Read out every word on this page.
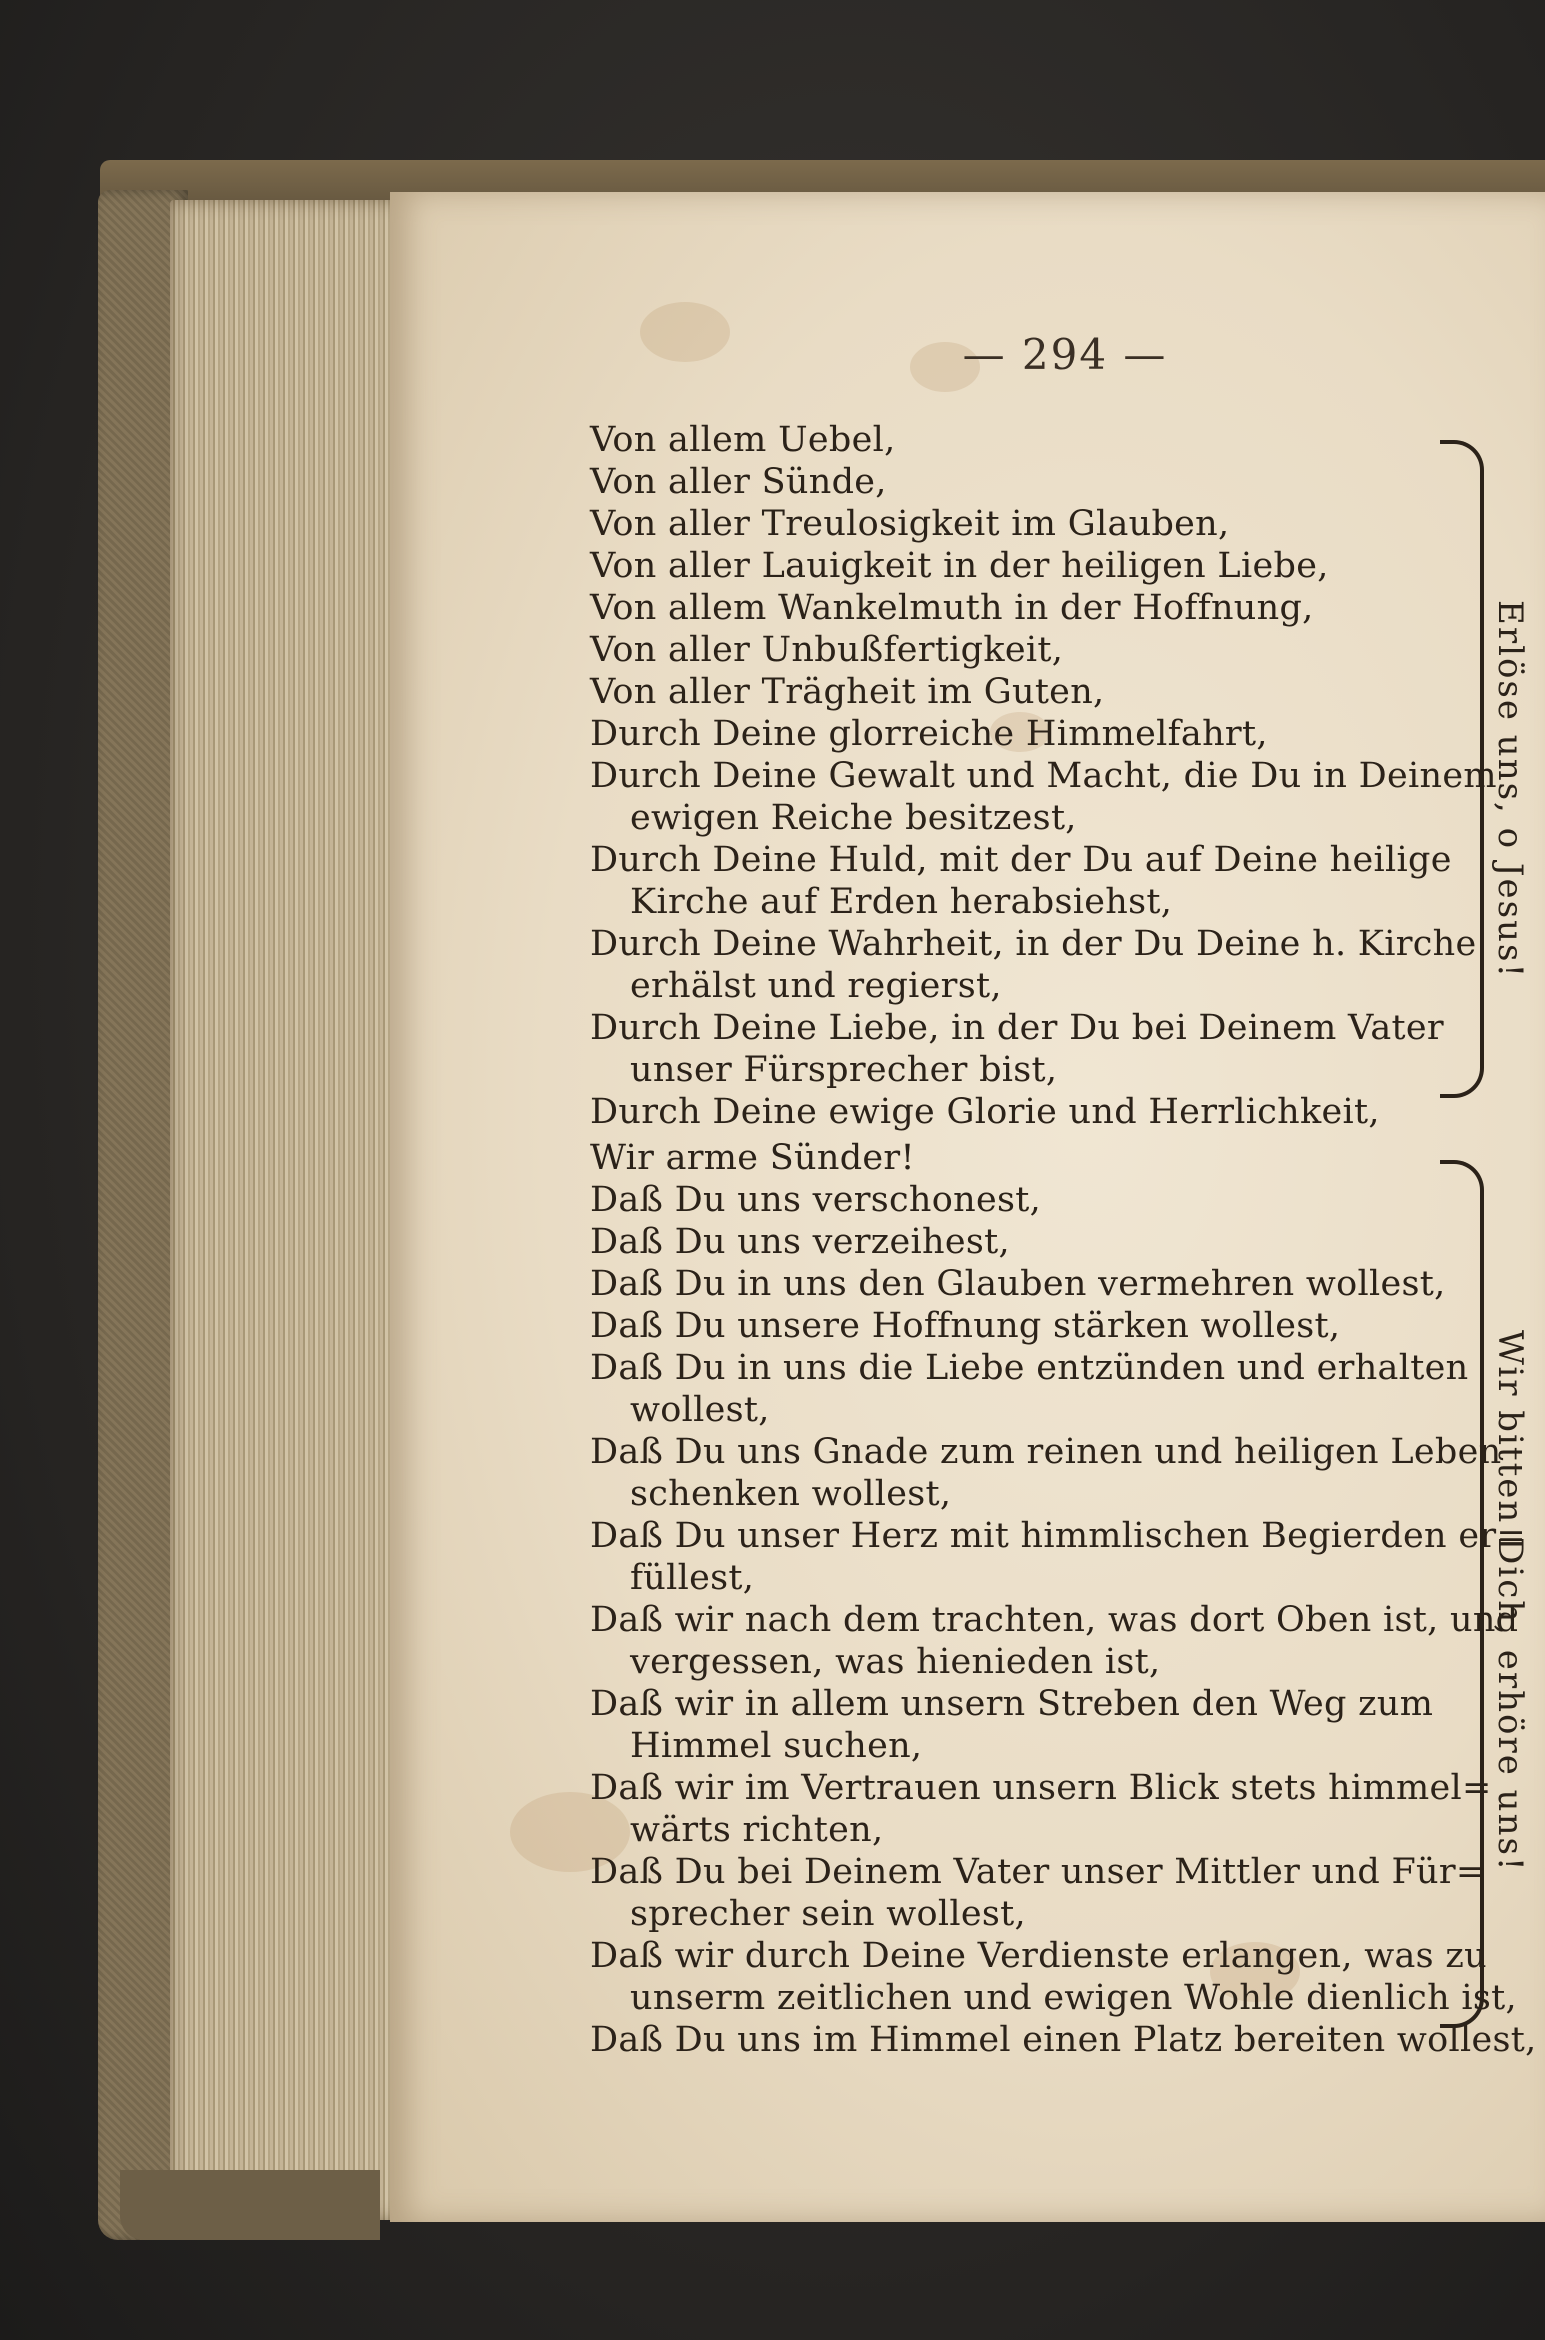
— 294 —
Von allem Uebel,
Von aller Sünde,
Von aller Treulosigkeit im Glauben,
Von aller Lauigkeit in der heiligen Liebe,
Von allem Wankelmuth in der Hoffnung,
Von aller Unbußfertigkeit,
Von aller Trägheit im Guten,
Durch Deine glorreiche Himmelfahrt,
Durch Deine Gewalt und Macht, die Du in Deinem
ewigen Reiche besitzest,
Durch Deine Huld, mit der Du auf Deine heilige
Kirche auf Erden herabsiehst,
Durch Deine Wahrheit, in der Du Deine h. Kirche
erhälst und regierst,
Durch Deine Liebe, in der Du bei Deinem Vater
unser Fürsprecher bist,
Durch Deine ewige Glorie und Herrlichkeit,
Erlöse uns, o Jesus!
Wir arme Sünder!
Daß Du uns verschonest,
Daß Du uns verzeihest,
Daß Du in uns den Glauben vermehren wollest,
Daß Du unsere Hoffnung stärken wollest,
Daß Du in uns die Liebe entzünden und erhalten
wollest,
Daß Du uns Gnade zum reinen und heiligen Leben
schenken wollest,
Daß Du unser Herz mit himmlischen Begierden er=
füllest,
Daß wir nach dem trachten, was dort Oben ist, und
vergessen, was hienieden ist,
Daß wir in allem unsern Streben den Weg zum
Himmel suchen,
Daß wir im Vertrauen unsern Blick stets himmel=
wärts richten,
Daß Du bei Deinem Vater unser Mittler und Für=
sprecher sein wollest,
Daß wir durch Deine Verdienste erlangen, was zu
unserm zeitlichen und ewigen Wohle dienlich ist,
Daß Du uns im Himmel einen Platz bereiten wollest,
Wir bitten Dich, erhöre uns!
